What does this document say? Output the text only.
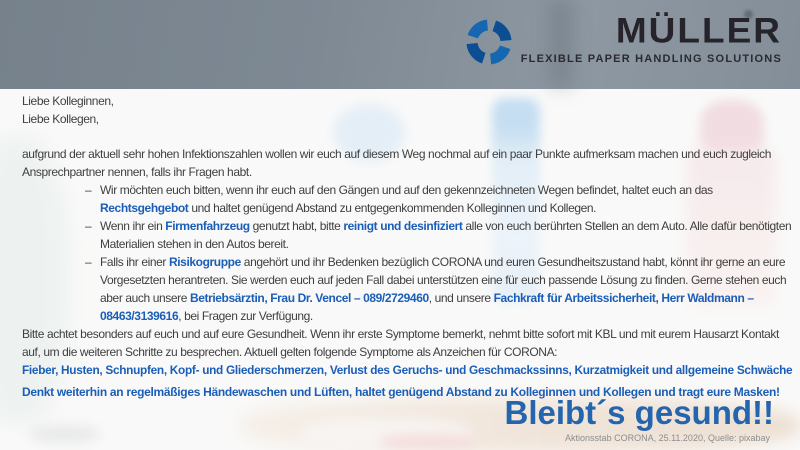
MÜLLER
FLEXIBLE PAPER HANDLING SOLUTIONS
Liebe Kolleginnen,
Liebe Kollegen,
aufgrund der aktuell sehr hohen Infektionszahlen wollen wir euch auf diesem Weg nochmal auf ein paar Punkte aufmerksam machen und euch zugleich
Ansprechpartner nennen, falls ihr Fragen habt.
– Wir möchten euch bitten, wenn ihr euch auf den Gängen und auf den gekennzeichneten Wegen befindet, haltet euch an das
Rechtsgehgebot und haltet genügend Abstand zu entgegenkommenden Kolleginnen und Kollegen.
– Wenn ihr ein Firmenfahrzeug genutzt habt, bitte reinigt und desinfiziert alle von euch berührten Stellen an dem Auto. Alle dafür benötigten
Materialien stehen in den Autos bereit.
– Falls ihr einer Risikogruppe angehört und ihr Bedenken bezüglich CORONA und euren Gesundheitszustand habt, könnt ihr gerne an eure
Vorgesetzten herantreten. Sie werden euch auf jeden Fall dabei unterstützen eine für euch passende Lösung zu finden. Gerne stehen euch
aber auch unsere Betriebsärztin, Frau Dr. Vencel – 089/2729460, und unsere Fachkraft für Arbeitssicherheit, Herr Waldmann –
08463/3139616, bei Fragen zur Verfügung.
Bitte achtet besonders auf euch und auf eure Gesundheit. Wenn ihr erste Symptome bemerkt, nehmt bitte sofort mit KBL und mit eurem Hausarzt Kontakt
auf, um die weiteren Schritte zu besprechen. Aktuell gelten folgende Symptome als Anzeichen für CORONA:
Fieber, Husten, Schnupfen, Kopf- und Gliederschmerzen, Verlust des Geruchs- und Geschmackssinns, Kurzatmigkeit und allgemeine Schwäche
Denkt weiterhin an regelmäßiges Händewaschen und Lüften, haltet genügend Abstand zu Kolleginnen und Kollegen und tragt eure Masken!
Bleibt´s gesund!!
Aktionsstab CORONA, 25.11.2020, Quelle: pixabay
